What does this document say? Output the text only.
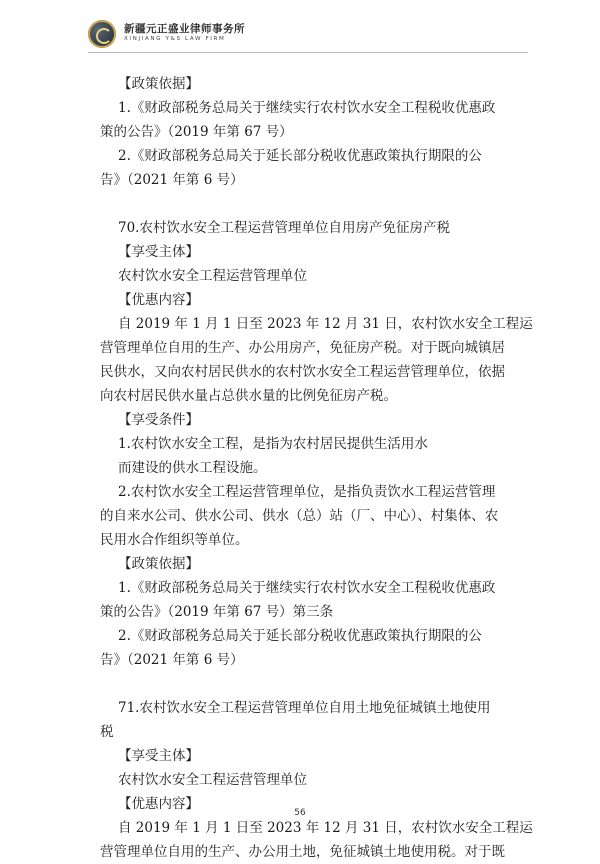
新疆元正盛业律师事务所
XINJIANG Y&S LAW FIRM
【政策依据】
1.《财政部税务总局关于继续实行农村饮水安全工程税收优惠政
策的公告》（2019 年第 67 号）
2.《财政部税务总局关于延长部分税收优惠政策执行期限的公
告》（2021 年第 6 号）
70.农村饮水安全工程运营管理单位自用房产免征房产税
【享受主体】
农村饮水安全工程运营管理单位
【优惠内容】
自 2019 年 1 月 1 日至 2023 年 12 月 31 日，农村饮水安全工程运
营管理单位自用的生产、办公用房产，免征房产税。对于既向城镇居
民供水，又向农村居民供水的农村饮水安全工程运营管理单位，依据
向农村居民供水量占总供水量的比例免征房产税。
【享受条件】
1.农村饮水安全工程，是指为农村居民提供生活用水
而建设的供水工程设施。
2.农村饮水安全工程运营管理单位，是指负责饮水工程运营管理
的自来水公司、供水公司、供水（总）站（厂、中心）、村集体、农
民用水合作组织等单位。
【政策依据】
1.《财政部税务总局关于继续实行农村饮水安全工程税收优惠政
策的公告》（2019 年第 67 号）第三条
2.《财政部税务总局关于延长部分税收优惠政策执行期限的公
告》（2021 年第 6 号）
71.农村饮水安全工程运营管理单位自用土地免征城镇土地使用
税
【享受主体】
农村饮水安全工程运营管理单位
【优惠内容】
自 2019 年 1 月 1 日至 2023 年 12 月 31 日，农村饮水安全工程运
营管理单位自用的生产、办公用土地，免征城镇土地使用税。对于既
56
